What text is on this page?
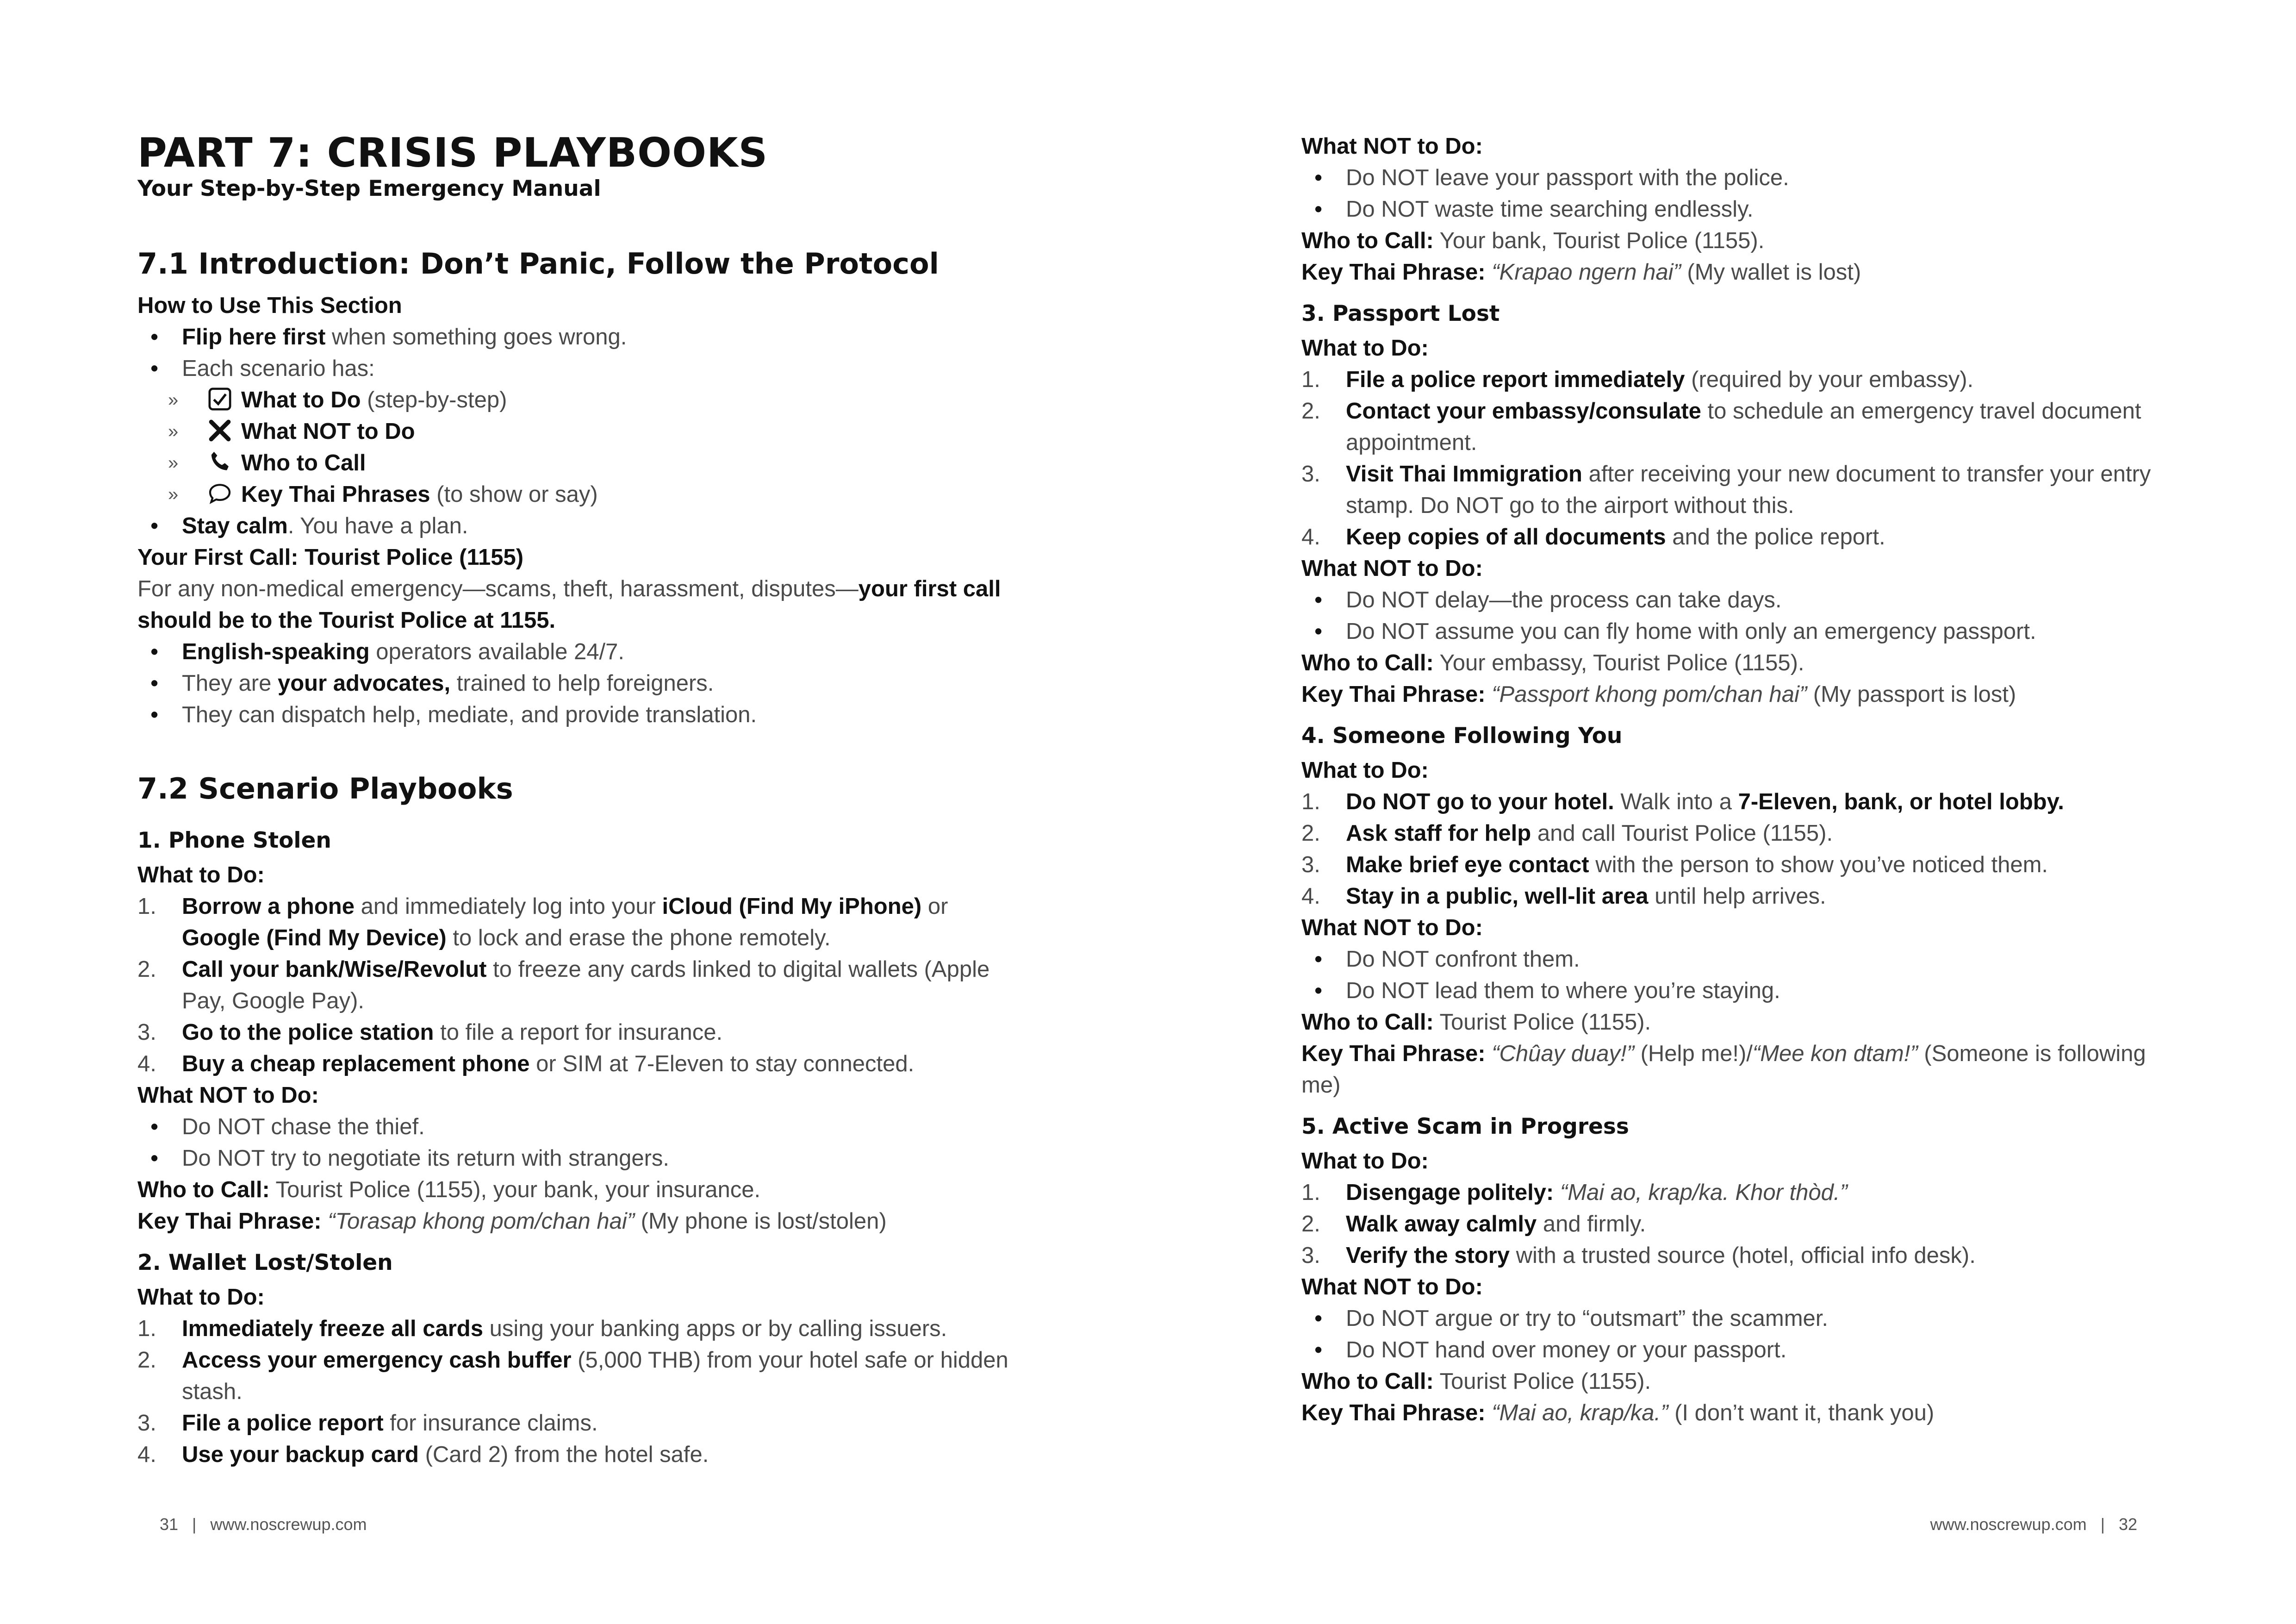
PART 7: CRISIS PLAYBOOKS

Your Step-by-Step Emergency Manual

7.1 Introduction: Don’t Panic, Follow the Protocol

How to Use This Section

• Flip here first when something goes wrong.
• Each scenario has:
»	What to Do (step-by-step)
»	What NOT to Do
»	Who to Call
»	Key Thai Phrases (to show or say)
• Stay calm. You have a plan.

Your First Call: Tourist Police (1155)

For any non-medical emergency—scams, theft, harassment, disputes—your first call should be to the Tourist Police at 1155.

• English-speaking operators available 24/7.
• They are your advocates, trained to help foreigners.
• They can dispatch help, mediate, and provide translation.
7.2 Scenario Playbooks
1. Phone Stolen

What to Do:

1. Borrow a phone and immediately log into your iCloud (Find My iPhone) or Google (Find My Device) to lock and erase the phone remotely.
2. Call your bank/Wise/Revolut to freeze any cards linked to digital wallets (Apple Pay, Google Pay).
3. Go to the police station to file a report for insurance.
4. Buy a cheap replacement phone or SIM at 7-Eleven to stay connected.

What NOT to Do:

• Do NOT chase the thief.
• Do NOT try to negotiate its return with strangers.

Who to Call: Tourist Police (1155), your bank, your insurance.

Key Thai Phrase: “Torasap khong pom/chan hai” (My phone is lost/stolen)

2. Wallet Lost/Stolen

What to Do:

1. Immediately freeze all cards using your banking apps or by calling issuers.
2. Access your emergency cash buffer (5,000 THB) from your hotel safe or hidden stash.
3. File a police report for insurance claims.
4. Use your backup card (Card 2) from the hotel safe.
31 | www.noscrewup.com

What NOT to Do:

• Do NOT leave your passport with the police.
• Do NOT waste time searching endlessly.

Who to Call: Your bank, Tourist Police (1155).

Key Thai Phrase: “Krapao ngern hai” (My wallet is lost)

3. Passport Lost

What to Do:

1. File a police report immediately (required by your embassy).
2. Contact your embassy/consulate to schedule an emergency travel document appointment.
3. Visit Thai Immigration after receiving your new document to transfer your entry stamp. Do NOT go to the airport without this.
4. Keep copies of all documents and the police report.

What NOT to Do:

• Do NOT delay—the process can take days.
• Do NOT assume you can fly home with only an emergency passport.

Who to Call: Your embassy, Tourist Police (1155).

Key Thai Phrase: “Passport khong pom/chan hai” (My passport is lost)

4. Someone Following You

What to Do:

1. Do NOT go to your hotel. Walk into a 7-Eleven, bank, or hotel lobby.
2. Ask staff for help and call Tourist Police (1155).
3. Make brief eye contact with the person to show you’ve noticed them.
4. Stay in a public, well-lit area until help arrives.

What NOT to Do:

• Do NOT confront them.
• Do NOT lead them to where you’re staying.

Who to Call: Tourist Police (1155).

Key Thai Phrase: “Chûay duay!” (Help me!)/“Mee kon dtam!” (Someone is following me)

5. Active Scam in Progress

What to Do:

1. Disengage politely: “Mai ao, krap/ka. Khor thòd.”
2. Walk away calmly and firmly.
3. Verify the story with a trusted source (hotel, official info desk).

What NOT to Do:

• Do NOT argue or try to “outsmart” the scammer.
• Do NOT hand over money or your passport.

Who to Call: Tourist Police (1155).

Key Thai Phrase: “Mai ao, krap/ka.” (I don’t want it, thank you)

www.noscrewup.com | 32
